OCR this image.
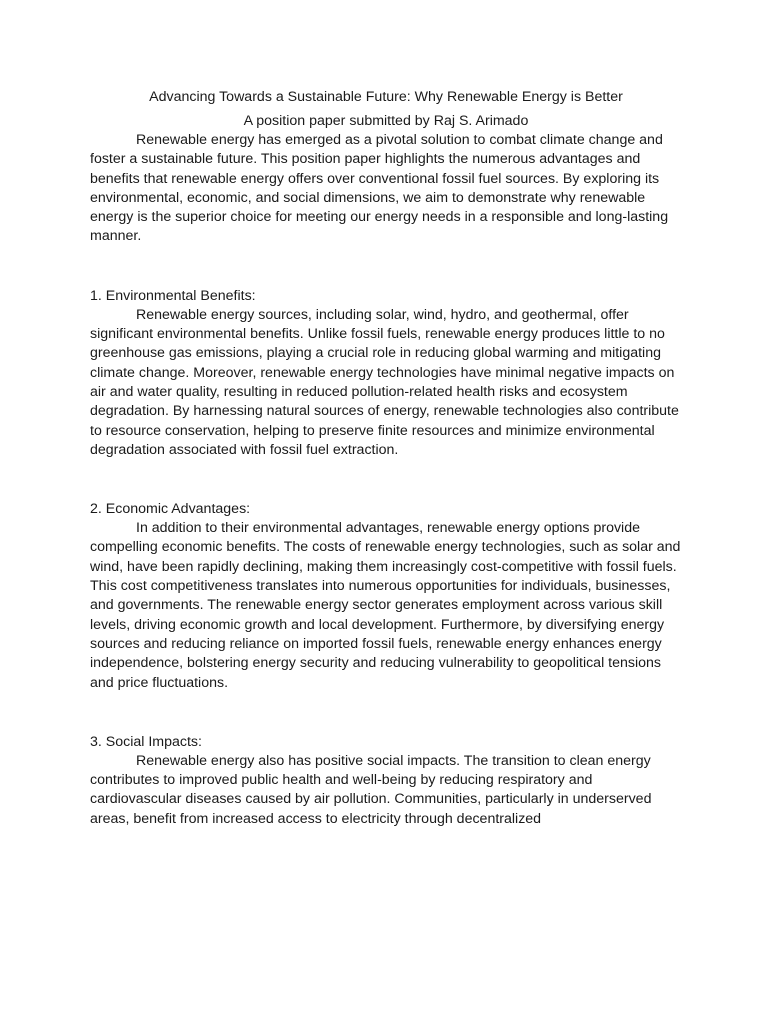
Advancing Towards a Sustainable Future: Why Renewable Energy is Better
A position paper submitted by Raj S. Arimado

Renewable energy has emerged as a pivotal solution to combat climate change and foster a sustainable future. This position paper highlights the numerous advantages and benefits that renewable energy offers over conventional fossil fuel sources. By exploring its environmental, economic, and social dimensions, we aim to demonstrate why renewable energy is the superior choice for meeting our energy needs in a responsible and long-lasting manner.

1. Environmental Benefits:

Renewable energy sources, including solar, wind, hydro, and geothermal, offer significant environmental benefits. Unlike fossil fuels, renewable energy produces little to no greenhouse gas emissions, playing a crucial role in reducing global warming and mitigating climate change. Moreover, renewable energy technologies have minimal negative impacts on air and water quality, resulting in reduced pollution-related health risks and ecosystem degradation. By harnessing natural sources of energy, renewable technologies also contribute to resource conservation, helping to preserve finite resources and minimize environmental degradation associated with fossil fuel extraction.

2. Economic Advantages:

In addition to their environmental advantages, renewable energy options provide compelling economic benefits. The costs of renewable energy technologies, such as solar and wind, have been rapidly declining, making them increasingly cost-competitive with fossil fuels. This cost competitiveness translates into numerous opportunities for individuals, businesses, and governments. The renewable energy sector generates employment across various skill levels, driving economic growth and local development. Furthermore, by diversifying energy sources and reducing reliance on imported fossil fuels, renewable energy enhances energy independence, bolstering energy security and reducing vulnerability to geopolitical tensions and price fluctuations.

3. Social Impacts:

Renewable energy also has positive social impacts. The transition to clean energy contributes to improved public health and well-being by reducing respiratory and cardiovascular diseases caused by air pollution. Communities, particularly in underserved areas, benefit from increased access to electricity through decentralized
